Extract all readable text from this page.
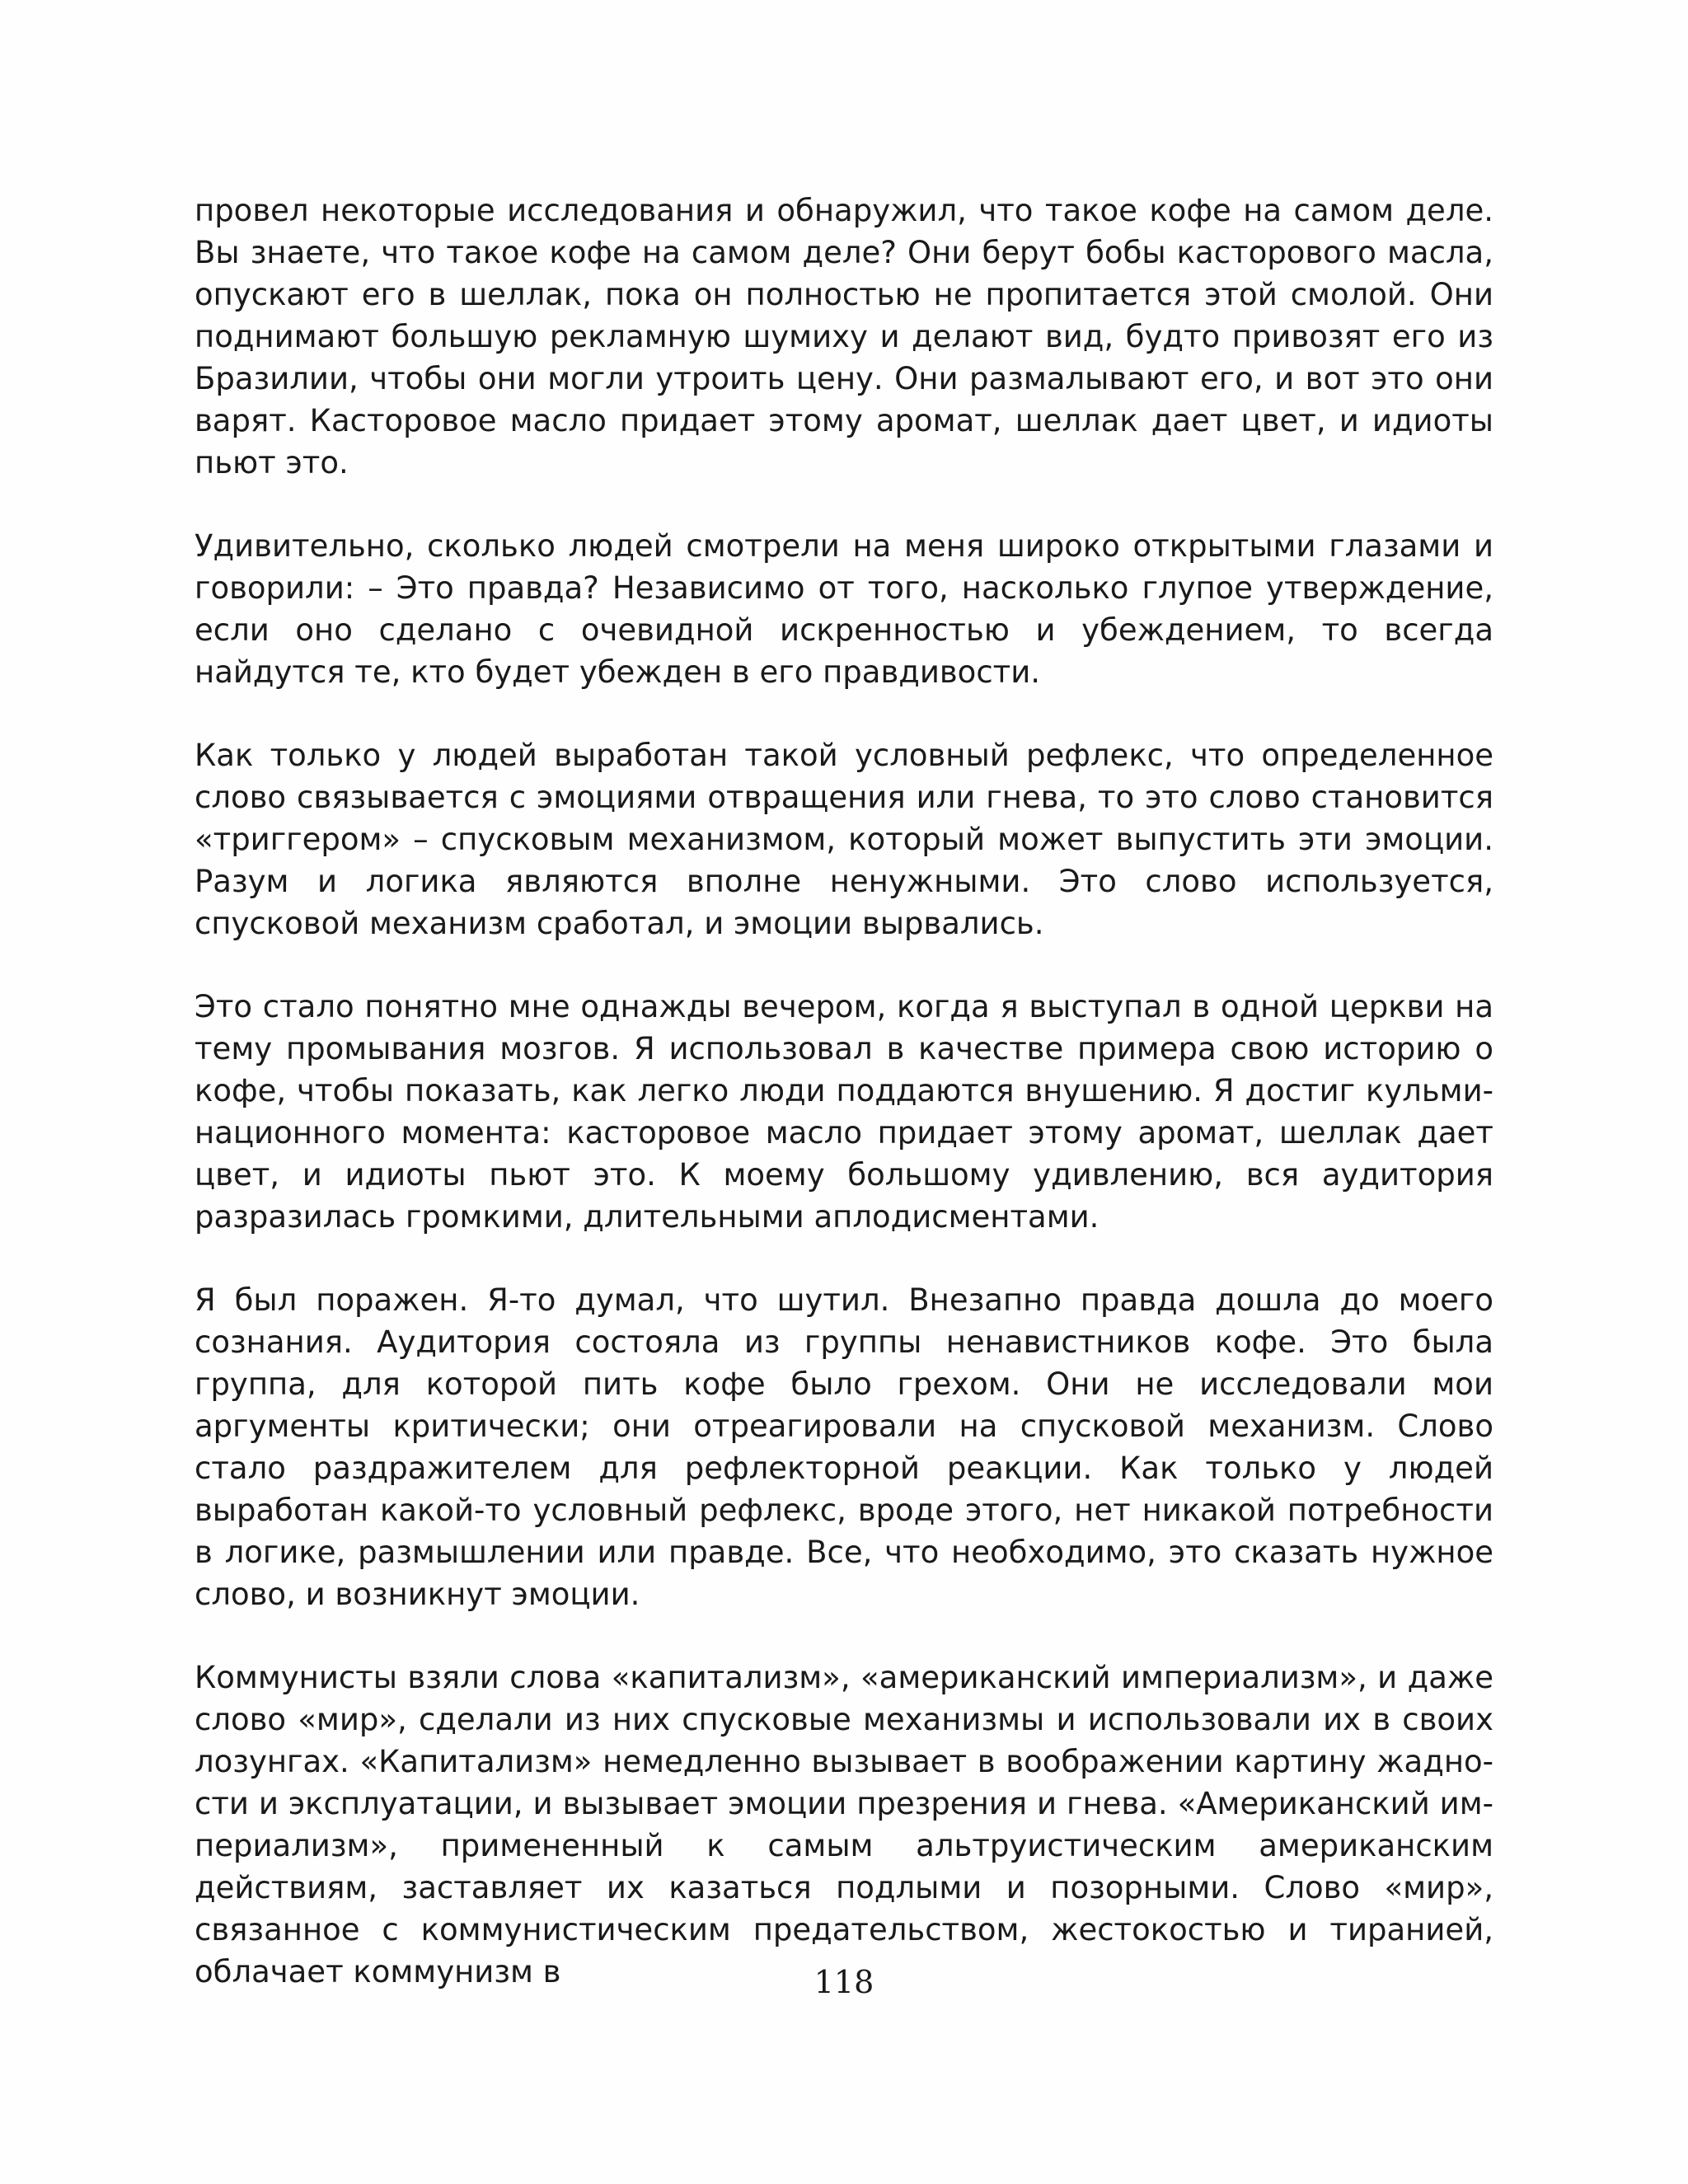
провел некоторые исследования и обнаружил, что такое кофе на самом деле. Вы знаете, что такое кофе на самом деле? Они берут бобы касторового масла, опускают его в шеллак, пока он полностью не пропитается этой смолой. Они поднимают большую рекламную шумиху и делают вид, будто привозят его из Бразилии, чтобы они могли утроить цену. Они размалывают его, и вот это они варят. Касторовое масло придает этому аромат, шеллак дает цвет, и идиоты пьют это.

Удивительно, сколько людей смотрели на меня широко открытыми глазами и говорили: – Это правда? Независимо от того, насколько глупое утверждение, если оно сделано с очевидной искренностью и убеждением, то всегда найдутся те, кто будет убежден в его правдивости.

Как только у людей выработан такой условный рефлекс, что определенное слово связывается с эмоциями отвращения или гнева, то это слово становится «триггером» – спусковым механизмом, который может выпустить эти эмоции. Разум и логика являются вполне ненужными. Это слово используется, спусковой механизм сработал, и эмоции вырвались.

Это стало понятно мне однажды вечером, когда я выступал в одной церкви на тему промывания мозгов. Я использовал в качестве примера свою историю о кофе, чтобы показать, как легко люди поддаются внушению. Я достиг кульминационного момента: касторовое масло придает этому аромат, шеллак дает цвет, и идиоты пьют это. К моему большому удивлению, вся аудитория разразилась громкими, длительными аплодисментами.

Я был поражен. Я-то думал, что шутил. Внезапно правда дошла до моего сознания. Аудитория состояла из группы ненавистников кофе. Это была группа, для которой пить кофе было грехом. Они не исследовали мои аргументы критически; они отреагировали на спусковой механизм. Слово стало раздражителем для рефлекторной реакции. Как только у людей выработан какой-то условный рефлекс, вроде этого, нет никакой потребности в логике, размышлении или правде. Все, что необходимо, это сказать нужное слово, и возникнут эмоции.

Коммунисты взяли слова «капитализм», «американский империализм», и даже слово «мир», сделали из них спусковые механизмы и использовали их в своих лозунгах. «Капитализм» немедленно вызывает в воображении картину жадности и эксплуатации, и вызывает эмоции презрения и гнева. «Американский империализм», примененный к самым альтруистическим американским действиям, заставляет их казаться подлыми и позорными. Слово «мир», связанное с коммунистическим предательством, жестокостью и тиранией, облачает коммунизм в	118
